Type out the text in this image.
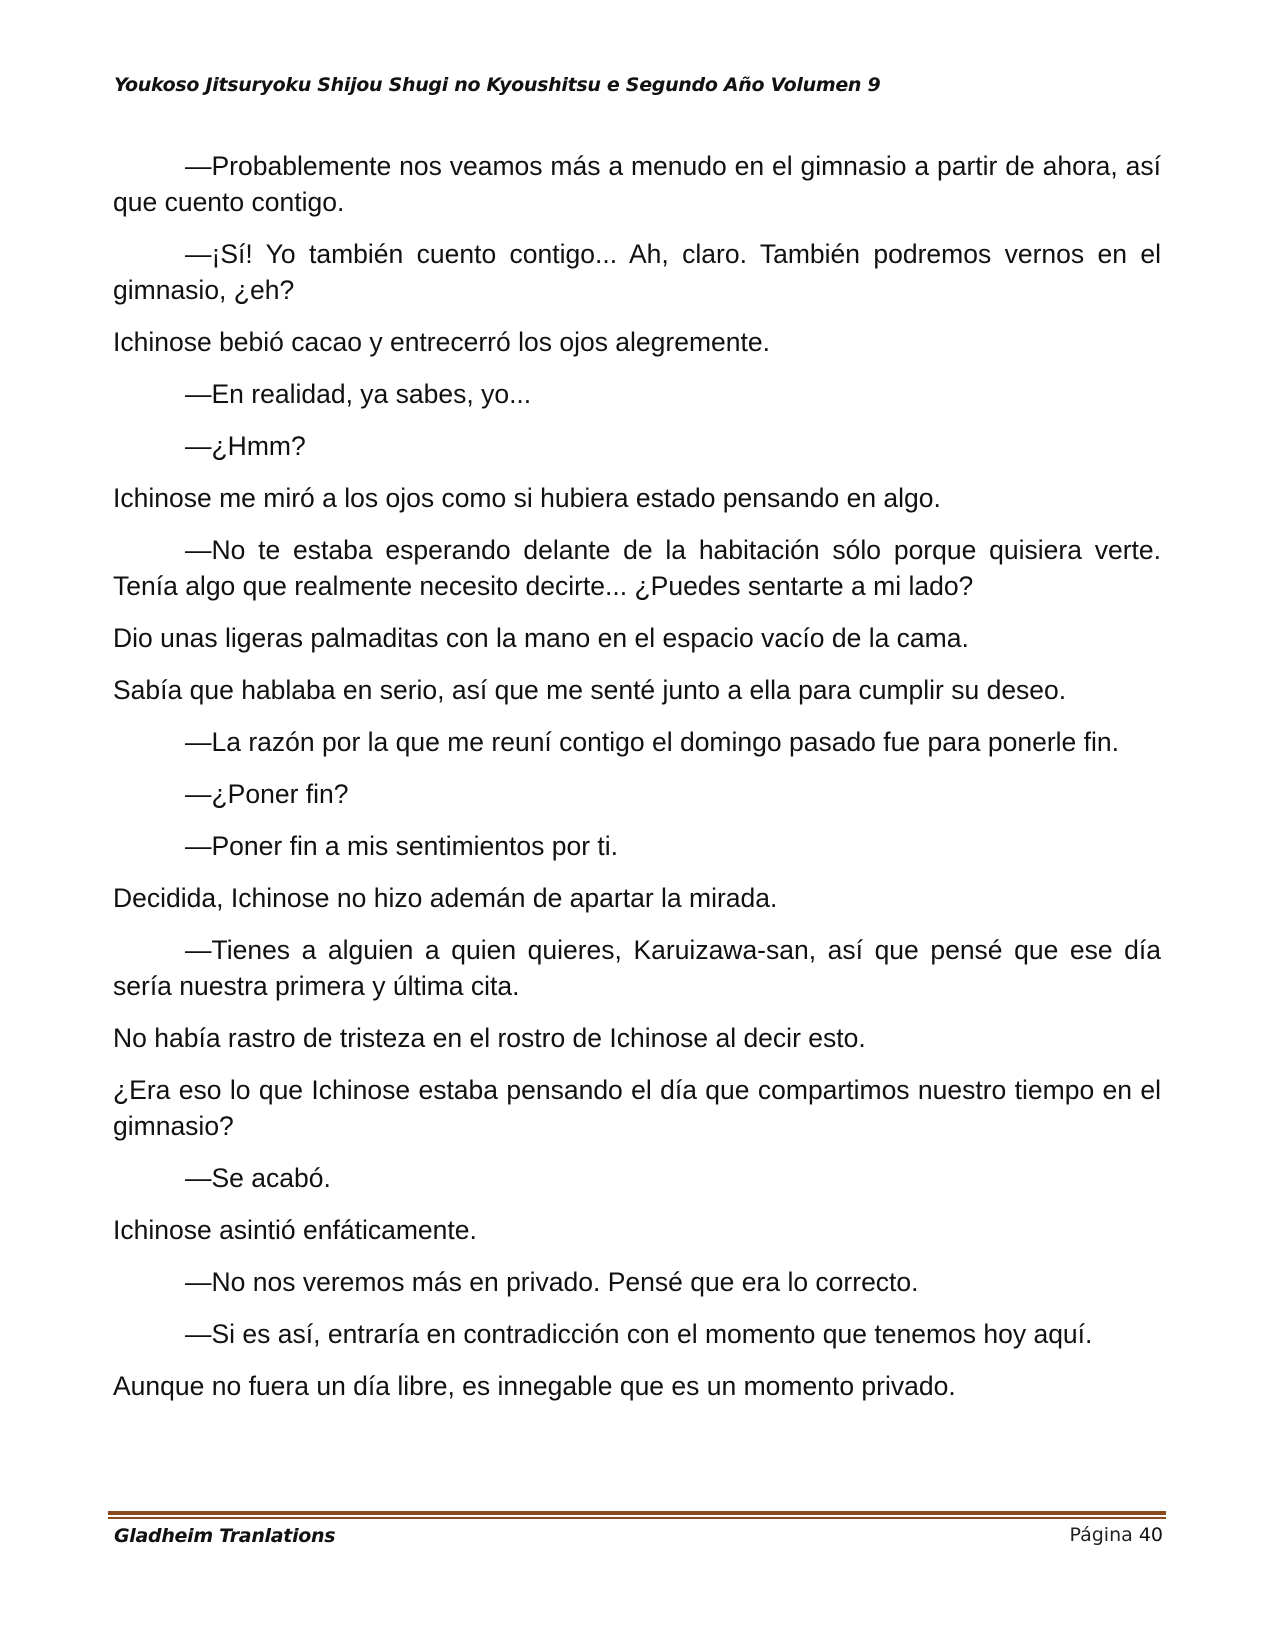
Youkoso Jitsuryoku Shijou Shugi no Kyoushitsu e Segundo Año Volumen 9

—Probablemente nos veamos más a menudo en el gimnasio a partir de ahora, así que cuento contigo.

—¡Sí! Yo también cuento contigo... Ah, claro. También podremos vernos en el gimnasio, ¿eh?

Ichinose bebió cacao y entrecerró los ojos alegremente.

—En realidad, ya sabes, yo...

—¿Hmm?

Ichinose me miró a los ojos como si hubiera estado pensando en algo.

—No te estaba esperando delante de la habitación sólo porque quisiera verte. Tenía algo que realmente necesito decirte... ¿Puedes sentarte a mi lado?

Dio unas ligeras palmaditas con la mano en el espacio vacío de la cama.

Sabía que hablaba en serio, así que me senté junto a ella para cumplir su deseo.

—La razón por la que me reuní contigo el domingo pasado fue para ponerle fin.

—¿Poner fin?

—Poner fin a mis sentimientos por ti.

Decidida, Ichinose no hizo ademán de apartar la mirada.

—Tienes a alguien a quien quieres, Karuizawa-san, así que pensé que ese día sería nuestra primera y última cita.

No había rastro de tristeza en el rostro de Ichinose al decir esto.

¿Era eso lo que Ichinose estaba pensando el día que compartimos nuestro tiempo en el gimnasio?

—Se acabó.

Ichinose asintió enfáticamente.

—No nos veremos más en privado. Pensé que era lo correcto.

—Si es así, entraría en contradicción con el momento que tenemos hoy aquí.

Aunque no fuera un día libre, es innegable que es un momento privado.

Gladheim Tranlations	Página 40
